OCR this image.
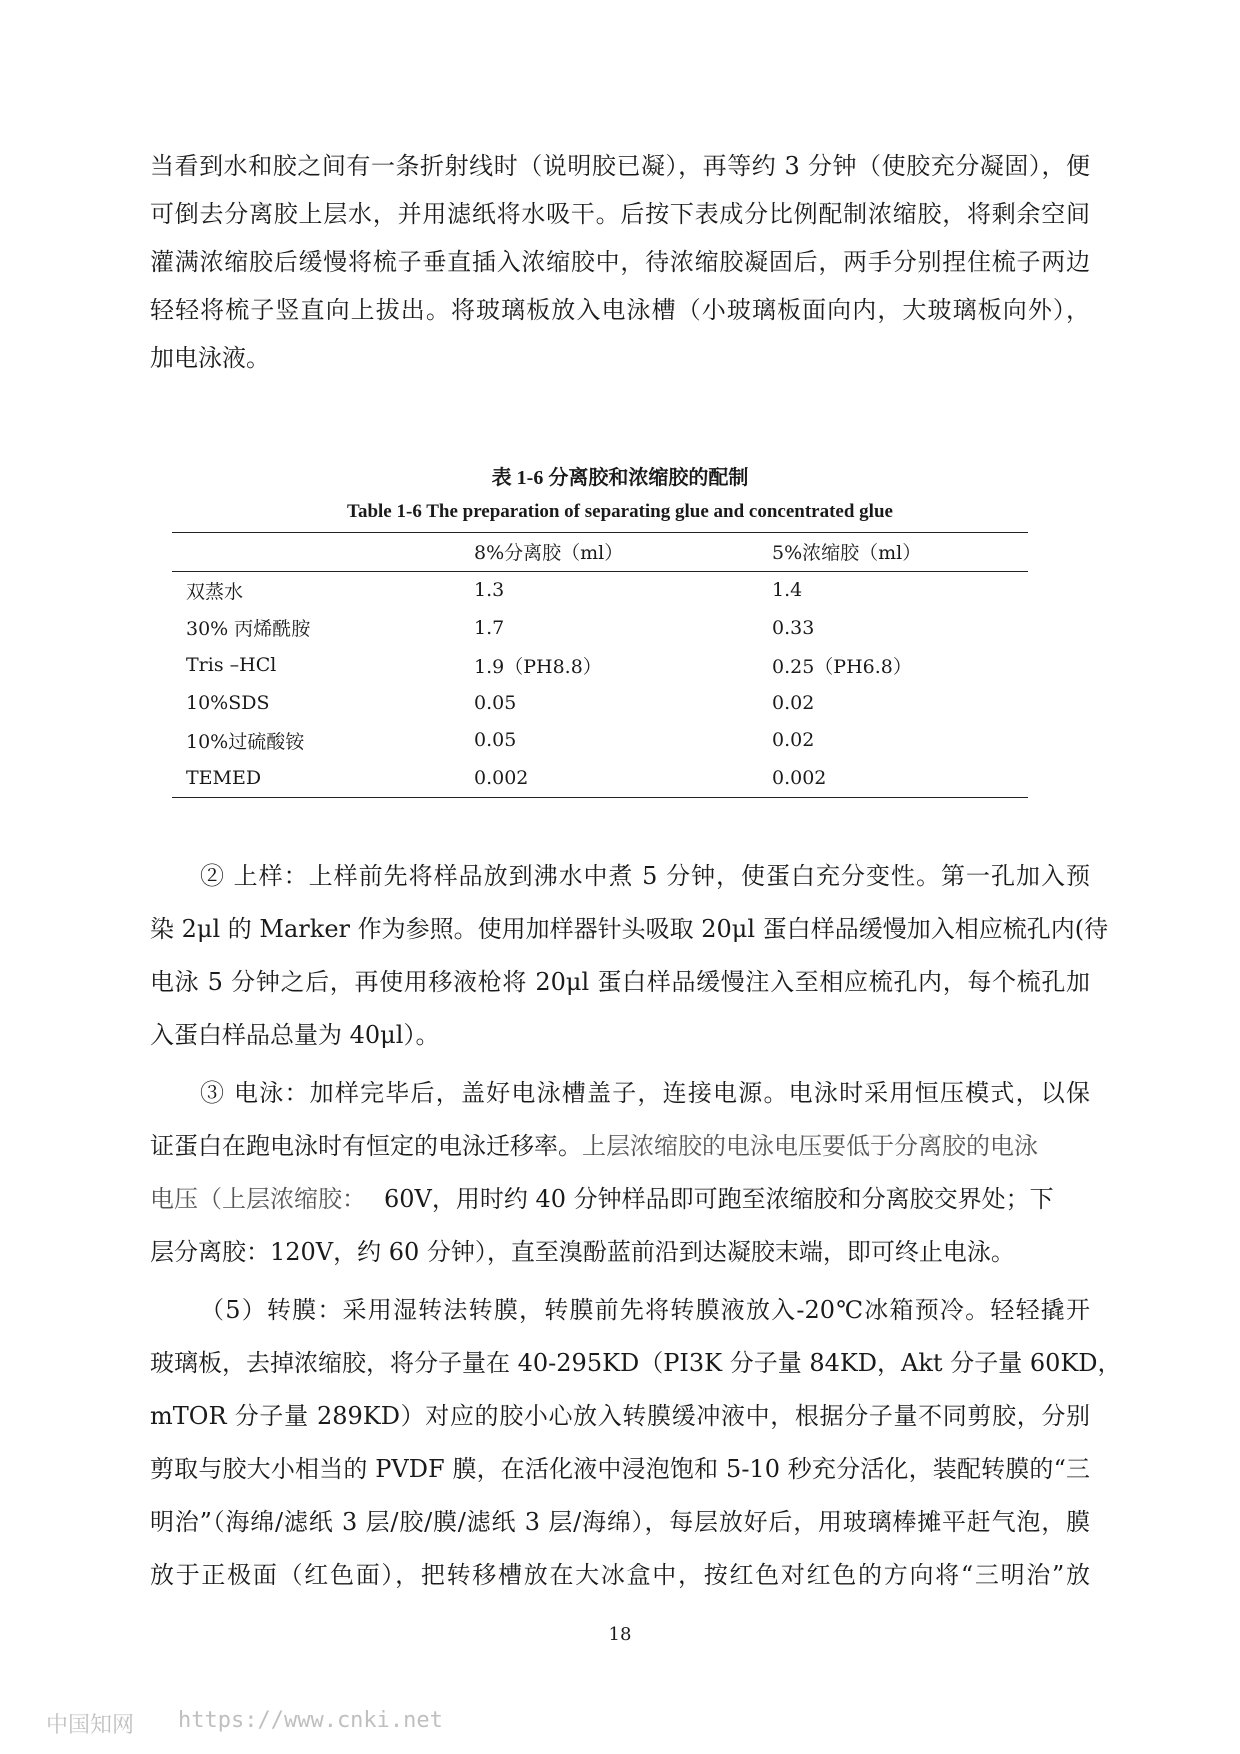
当看到水和胶之间有一条折射线时（说明胶已凝），再等约 3 分钟（使胶充分凝固），便
可倒去分离胶上层水，并用滤纸将水吸干。后按下表成分比例配制浓缩胶，将剩余空间
灌满浓缩胶后缓慢将梳子垂直插入浓缩胶中，待浓缩胶凝固后，两手分别捏住梳子两边
轻轻将梳子竖直向上拔出。将玻璃板放入电泳槽（小玻璃板面向内，大玻璃板向外），
加电泳液。
表 1-6 分离胶和浓缩胶的配制
Table 1-6 The preparation of separating glue and concentrated glue
	8%分离胶（ml）	5%浓缩胶（ml）
双蒸水	1.3	1.4
30% 丙烯酰胺	1.7	0.33
Tris –HCl	1.9（PH8.8）	0.25（PH6.8）
10%SDS	0.05	0.02
10%过硫酸铵	0.05	0.02
TEMED	0.002	0.002
② 上样：上样前先将样品放到沸水中煮 5 分钟，使蛋白充分变性。第一孔加入预
染 2μl 的 Marker 作为参照。使用加样器针头吸取 20μl 蛋白样品缓慢加入相应梳孔内(待
电泳 5 分钟之后，再使用移液枪将 20μl 蛋白样品缓慢注入至相应梳孔内，每个梳孔加
入蛋白样品总量为 40μl）。
③ 电泳：加样完毕后，盖好电泳槽盖子，连接电源。电泳时采用恒压模式，以保
证蛋白在跑电泳时有恒定的电泳迁移率。上层浓缩胶的电泳电压要低于分离胶的电泳
电压（上层浓缩胶： 60V，用时约 40 分钟样品即可跑至浓缩胶和分离胶交界处；下
层分离胶：120V，约 60 分钟），直至溴酚蓝前沿到达凝胶末端，即可终止电泳。
（5）转膜：采用湿转法转膜，转膜前先将转膜液放入-20℃冰箱预冷。轻轻撬开
玻璃板，去掉浓缩胶，将分子量在 40-295KD（PI3K 分子量 84KD，Akt 分子量 60KD，
mTOR 分子量 289KD）对应的胶小心放入转膜缓冲液中，根据分子量不同剪胶，分别
剪取与胶大小相当的 PVDF 膜，在活化液中浸泡饱和 5-10 秒充分活化，装配转膜的“三
明治”（海绵/滤纸 3 层/胶/膜/滤纸 3 层/海绵），每层放好后，用玻璃棒摊平赶气泡，膜
放于正极面（红色面），把转移槽放在大冰盒中，按红色对红色的方向将“三明治”放
18
中国知网 https://www.cnki.net
